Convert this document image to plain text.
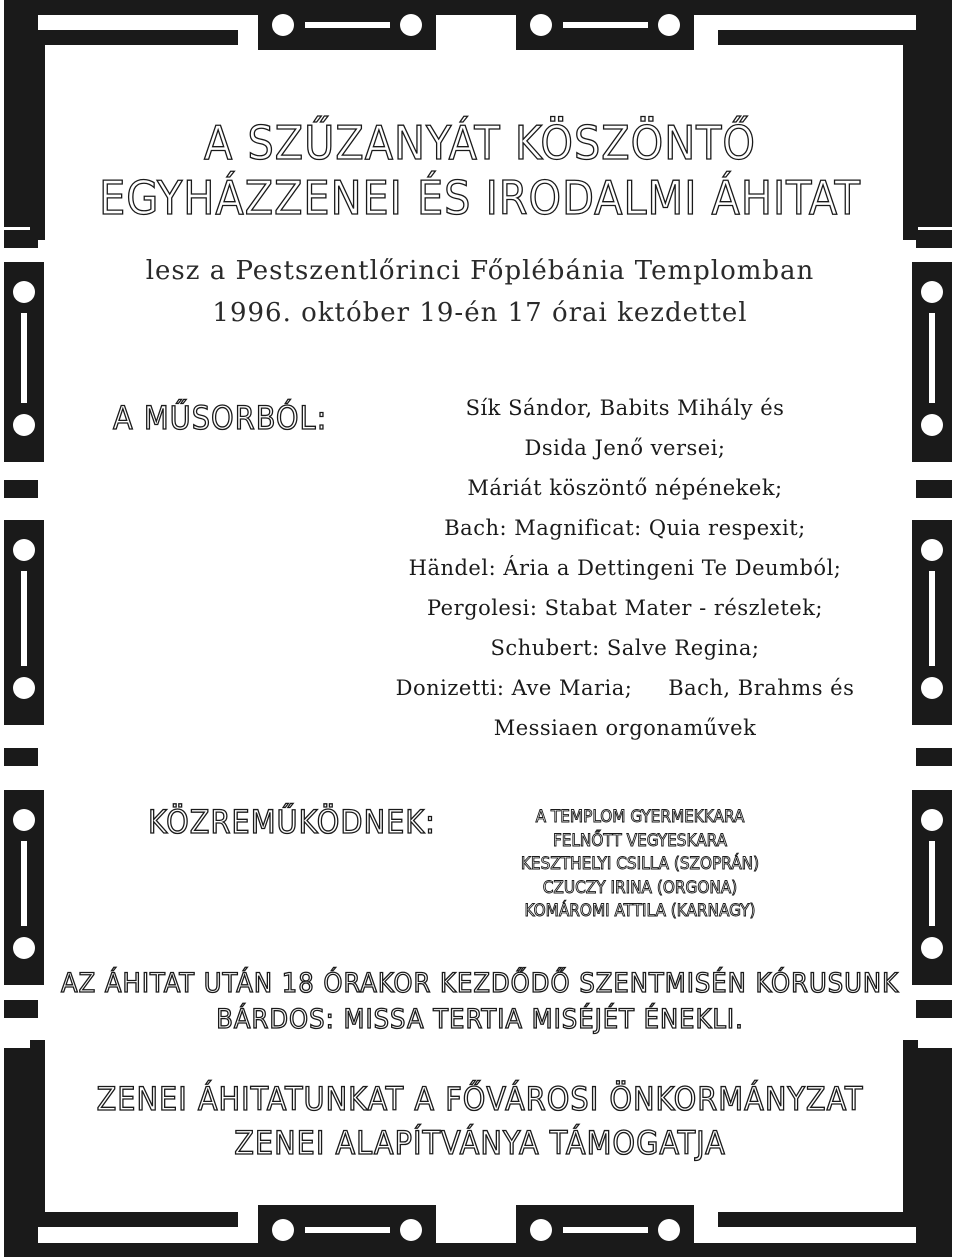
A SZŰZANYÁT KÖSZÖNTŐ
EGYHÁZZENEI ÉS IRODALMI ÁHITAT
lesz a Pestszentlőrinci Főplébánia Templomban
1996. október 19-én 17 órai kezdettel
A MŰSORBÓL:	Sík Sándor, Babits Mihály és
Dsida Jenő versei;
Máriát köszöntő népénekek;
Bach: Magnificat: Quia respexit;
Händel: Ária a Dettingeni Te Deumból;
Pergolesi: Stabat Mater - részletek;
Schubert: Salve Regina;
Donizetti: Ave Maria;     Bach, Brahms és
Messiaen orgonaművek
KÖZREMŰKÖDNEK:	A TEMPLOM GYERMEKKARA
FELNŐTT VEGYESKARA
KESZTHELYI CSILLA (SZOPRÁN)
CZUCZY IRINA (ORGONA)
KOMÁROMI ATTILA (KARNAGY)
AZ ÁHITAT UTÁN 18 ÓRAKOR KEZDŐDŐ SZENTMISÉN KÓRUSUNK
BÁRDOS: MISSA TERTIA MISÉJÉT ÉNEKLI.
ZENEI ÁHITATUNKAT A FŐVÁROSI ÖNKORMÁNYZAT
ZENEI ALAPÍTVÁNYA TÁMOGATJA
